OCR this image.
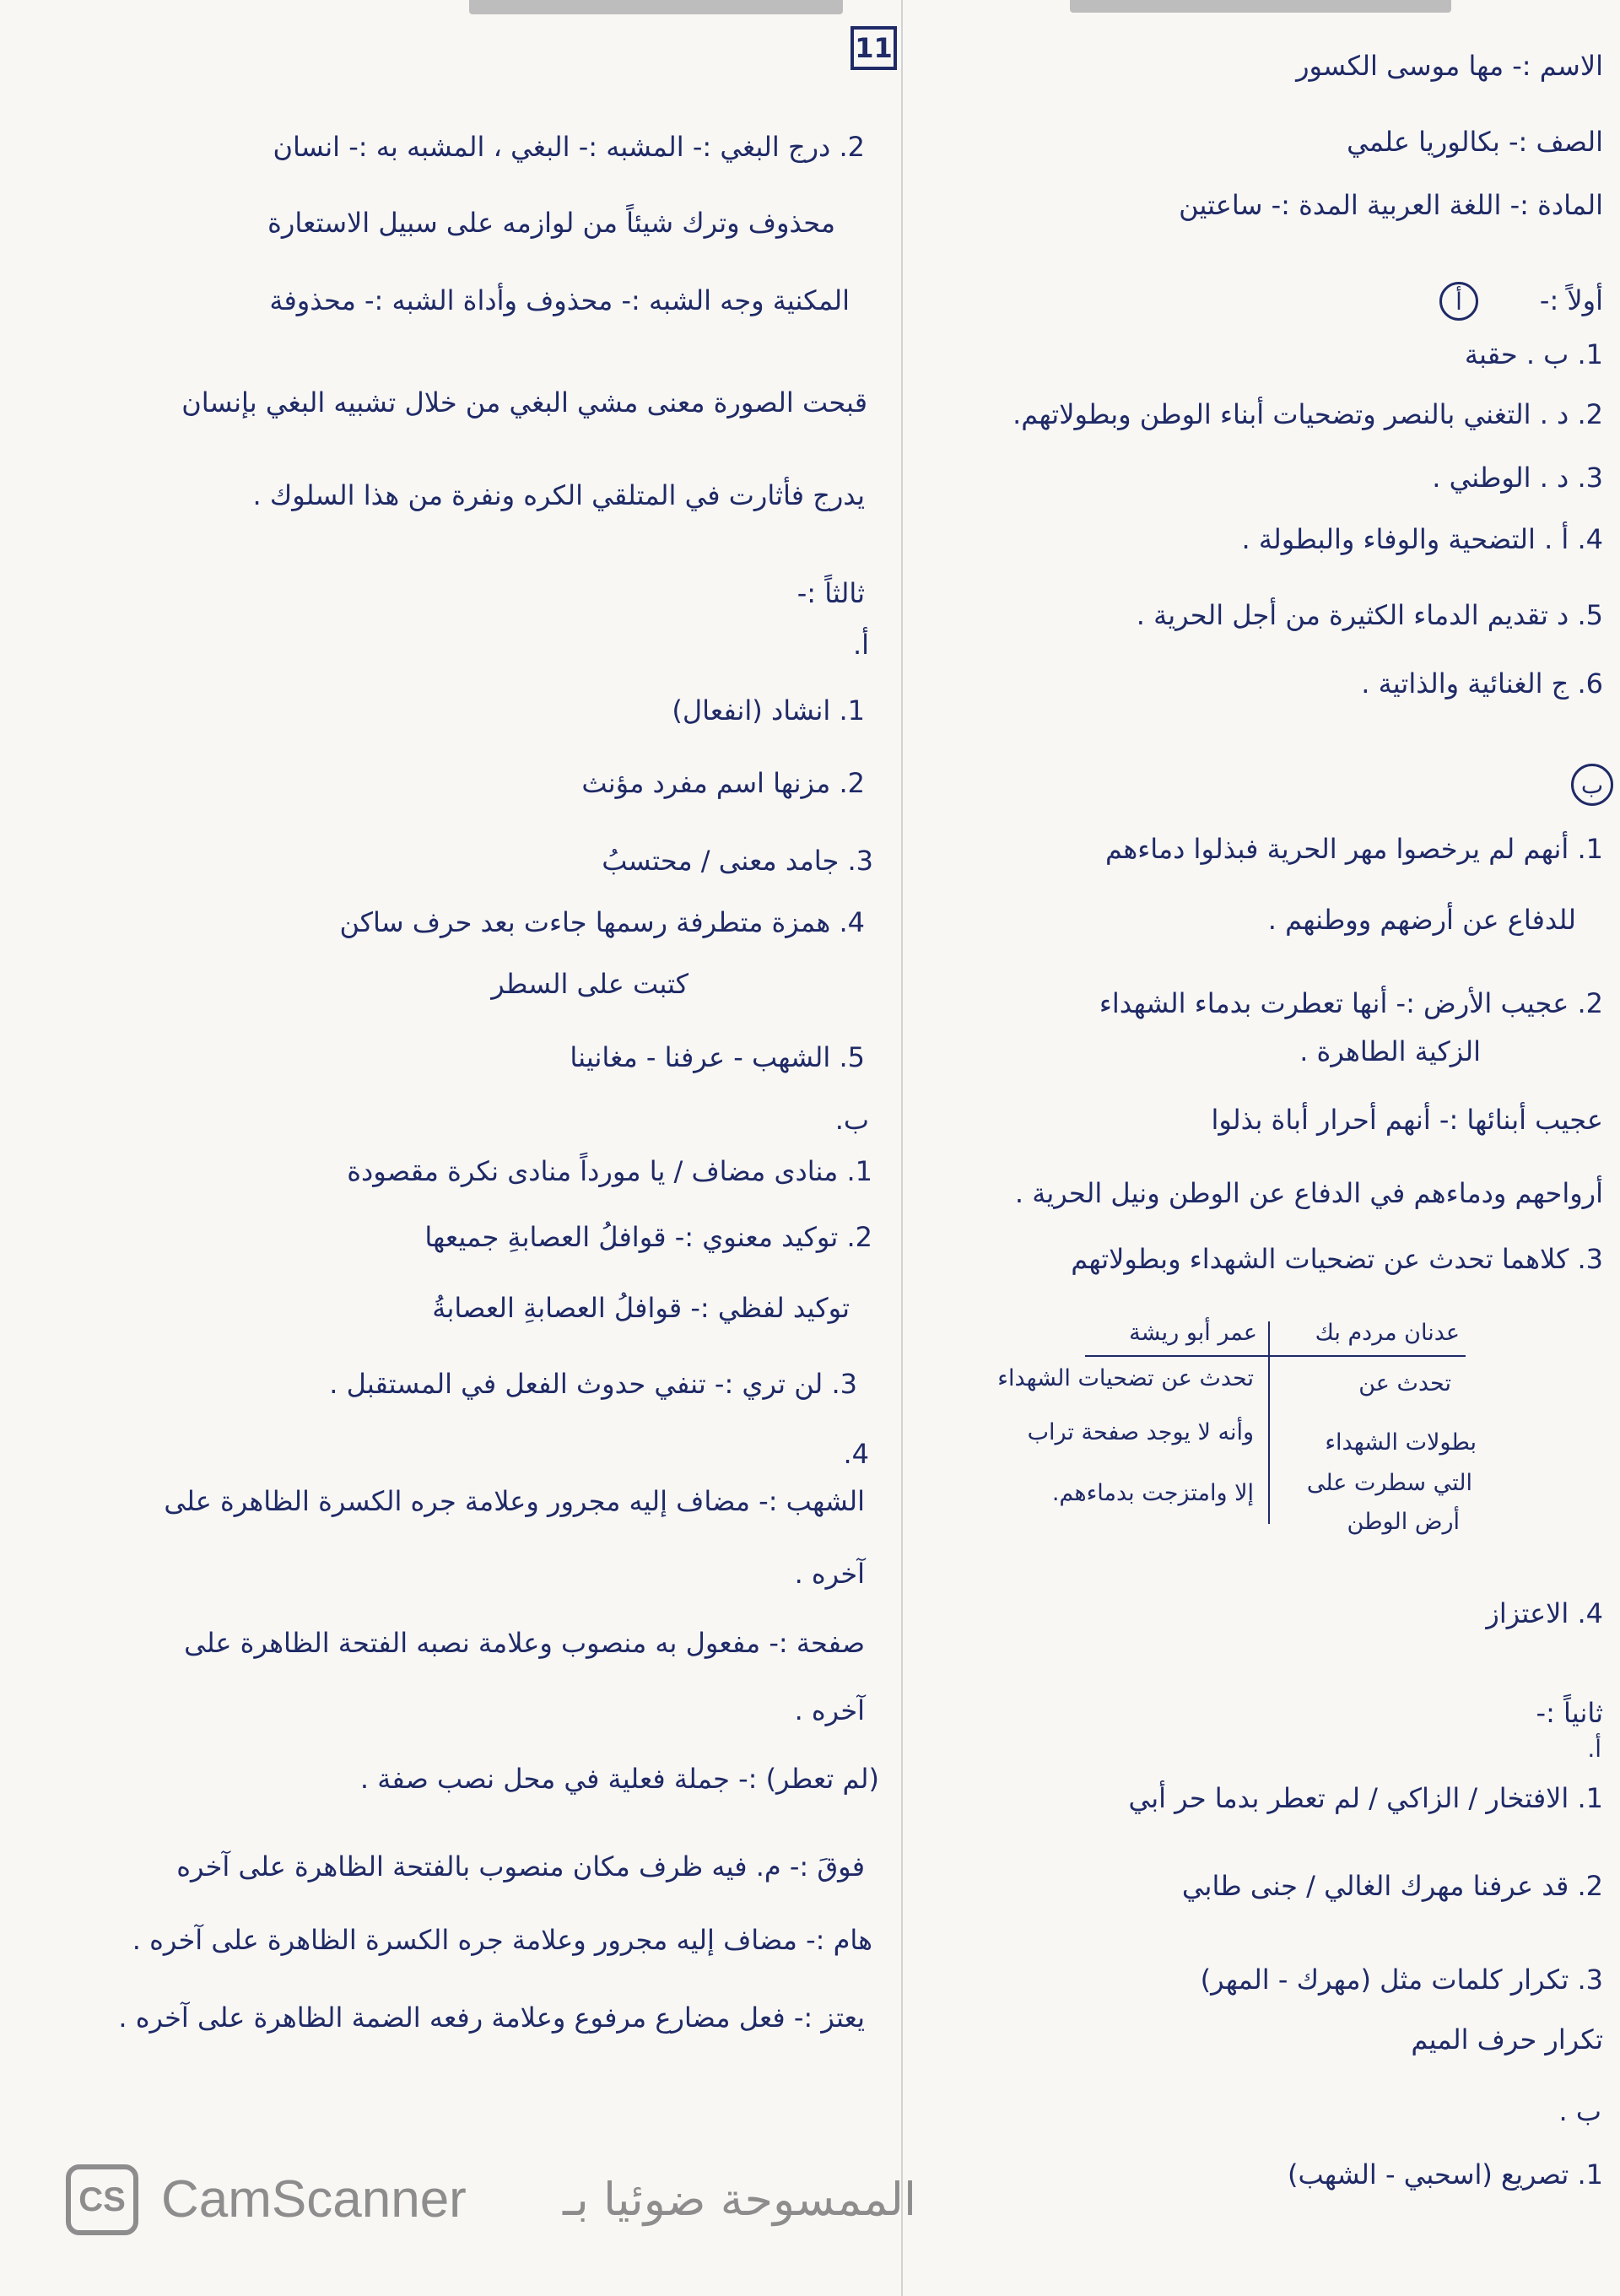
11
الاسم :- مها موسى الكسور
الصف :- بكالوريا علمي
المادة :- اللغة العربية المدة :- ساعتين
أولاً :-
أ
1. ب . حقبة
2. د . التغني بالنصر وتضحيات أبناء الوطن وبطولاتهم.
3. د . الوطني .
4. أ . التضحية والوفاء والبطولة .
5. د تقديم الدماء الكثيرة من أجل الحرية .
6. ج الغنائية والذاتية .
ب
1. أنهم لم يرخصوا مهر الحرية فبذلوا دماءهم
للدفاع عن أرضهم ووطنهم .
2. عجيب الأرض :- أنها تعطرت بدماء الشهداء
الزكية الطاهرة .
عجيب أبنائها :- أنهم أحرار أباة بذلوا
أرواحهم ودماءهم في الدفاع عن الوطن ونيل الحرية .
3. كلاهما تحدث عن تضحيات الشهداء وبطولاتهم
عدنان مردم بك
عمر أبو ريشة
تحدث عن
بطولات الشهداء
التي سطرت على
أرض الوطن
تحدث عن تضحيات الشهداء
وأنه لا يوجد صفحة تراب
إلا وامتزجت بدماءهم.
4. الاعتزاز
ثانياً :-
أ.
1. الافتخار / الزاكي / لم تعطر بدما حر أبي
2. قد عرفنا مهرك الغالي / جنى طابي
3. تكرار كلمات مثل (مهرك - المهر)
تكرار حرف الميم
ب .
1. تصريع (اسحبي - الشهب)
2. درج البغي :- المشبه :- البغي ، المشبه به :- انسان
محذوف وترك شيئاً من لوازمه على سبيل الاستعارة
المكنية وجه الشبه :- محذوف وأداة الشبه :- محذوفة
قبحت الصورة معنى مشي البغي من خلال تشبيه البغي بإنسان
يدرج فأثارت في المتلقي الكره ونفرة من هذا السلوك .
ثالثاً :-
أ.
1. انشاد (انفعال)
2. مزنها اسم مفرد مؤنث
3. جامد معنى / محتسبُ
4. همزة متطرفة رسمها جاءت بعد حرف ساكن
كتبت على السطر
5. الشهب - عرفنا - مغانينا
ب.
1. منادى مضاف / يا مورداً منادى نكرة مقصودة
2. توكيد معنوي :- قوافلُ العصابةِ جميعها
توكيد لفظي :- قوافلُ العصابةِ العصابةُ
3. لن تري :- تنفي حدوث الفعل في المستقبل .
4.
الشهب :- مضاف إليه مجرور وعلامة جره الكسرة الظاهرة على
آخره .
صفحة :- مفعول به منصوب وعلامة نصبه الفتحة الظاهرة على
آخره .
(لم تعطر) :- جملة فعلية في محل نصب صفة .
فوقَ :- م. فيه ظرف مكان منصوب بالفتحة الظاهرة على آخره
هام :- مضاف إليه مجرور وعلامة جره الكسرة الظاهرة على آخره .
يعتز :- فعل مضارع مرفوع وعلامة رفعه الضمة الظاهرة على آخره .
CS CamScanner الممسوحة ضوئيا بـ
